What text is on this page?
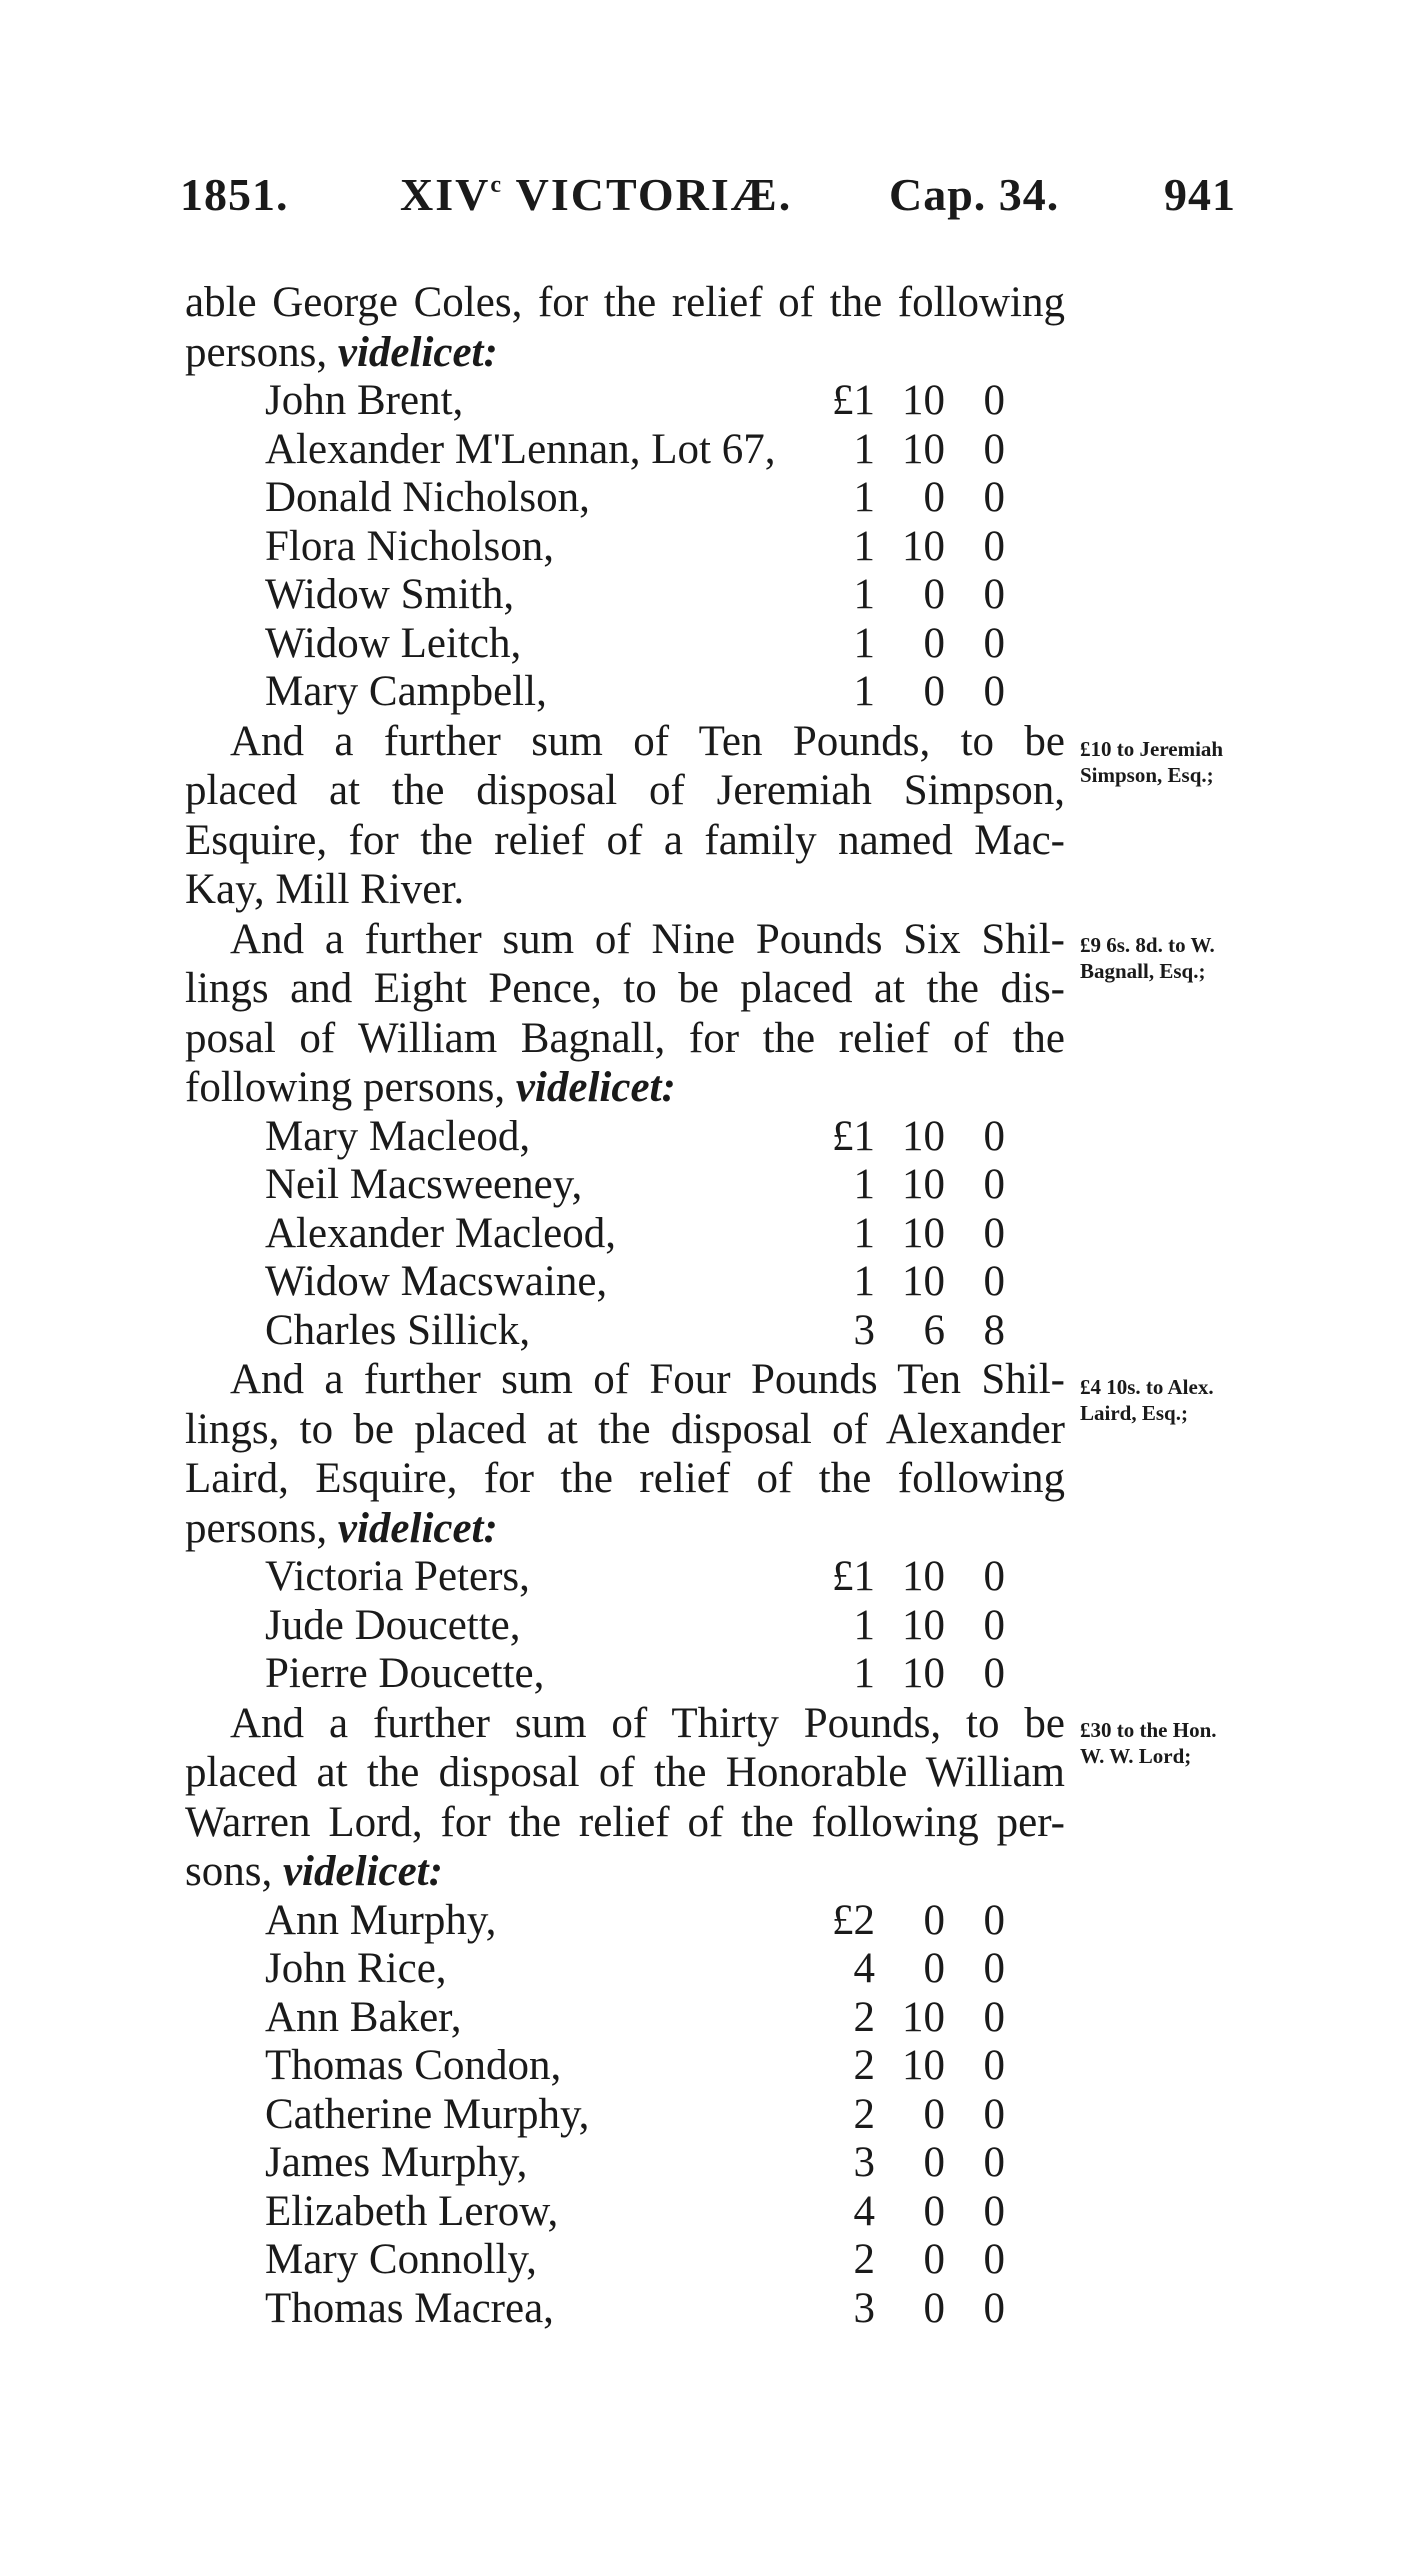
1851. XIV$^c$ VICTORIÆ. Cap. 34. 941
able George Coles, for the relief of the following
persons, videlicet:
John Brent,	£1 10 0
Alexander M'Lennan, Lot 67,	1 10 0
Donald Nicholson,	1	0 0
Flora Nicholson,	1 10 0
Widow Smith,	1	0 0
Widow Leitch,	1	0 0
Mary Campbell,	1	0 0
And a further sum of Ten Pounds, to be
placed at the disposal of Jeremiah Simpson,
Esquire, for the relief of a family named Mac-
Kay, Mill River.
And a further sum of Nine Pounds Six Shil-
lings and Eight Pence, to be placed at the dis-
posal of William Bagnall, for the relief of the
following persons, videlicet:
Mary Macleod,	£1 10 0
Neil Macsweeney,	1 10 0
Alexander Macleod,	1 10 0
Widow Macswaine,	1 10 0
Charles Sillick,	3	6 8
And a further sum of Four Pounds Ten Shil-
lings, to be placed at the disposal of Alexander
Laird, Esquire, for the relief of the following
persons, videlicet:
Victoria Peters,	£1 10 0
Jude Doucette,	1 10 0
Pierre Doucette,	1 10 0
And a further sum of Thirty Pounds, to be
placed at the disposal of the Honorable William
Warren Lord, for the relief of the following per-
sons, videlicet:
Ann Murphy,	£2	0 0
John Rice,	4	0 0
Ann Baker,	2 10 0
Thomas Condon,	2 10 0
Catherine Murphy,	2	0 0
James Murphy,	3	0 0
Elizabeth Lerow,	4	0 0
Mary Connolly,	2	0 0
Thomas Macrea,	3	0 0
£10 to Jeremiah
Simpson, Esq.;
£9 6s. 8d. to W.
Bagnall, Esq.;
£4 10s. to Alex.
Laird, Esq.;
£30 to the Hon.
W. W. Lord;
